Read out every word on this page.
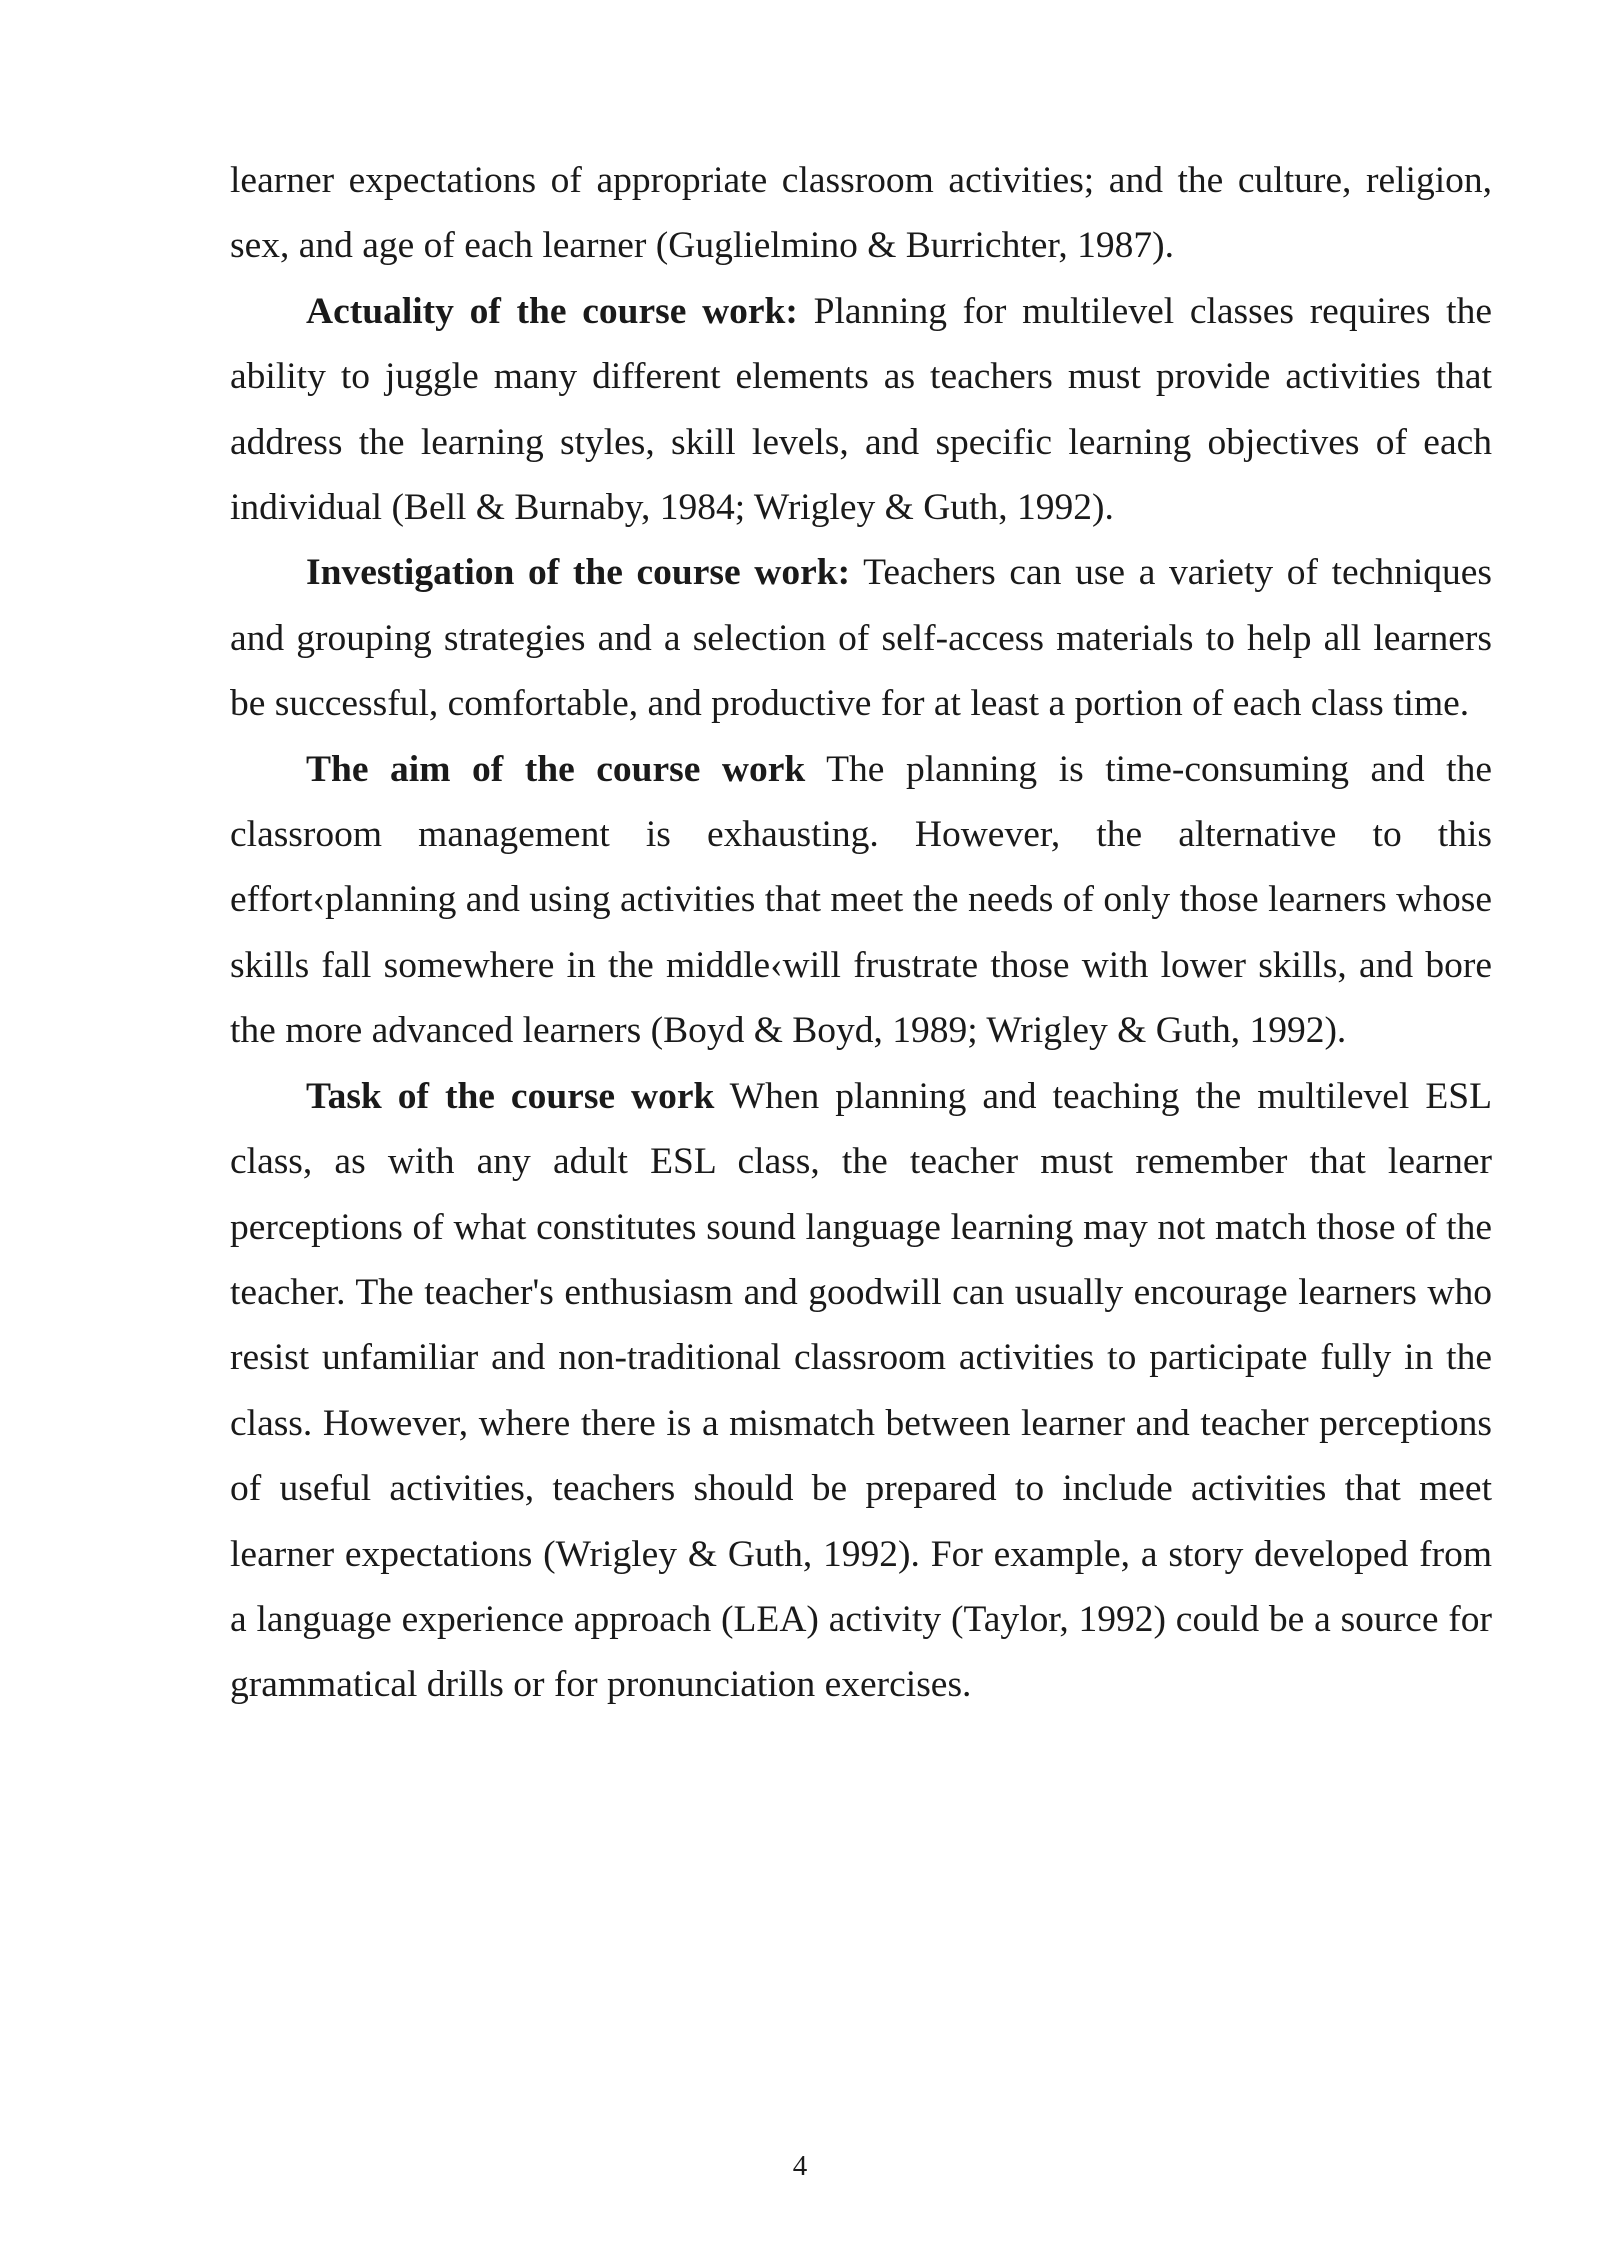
learner expectations of appropriate classroom activities; and the culture, religion, sex, and age of each learner (Guglielmino & Burrichter, 1987).

Actuality of the course work: Planning for multilevel classes requires the ability to juggle many different elements as teachers must provide activities that address the learning styles, skill levels, and specific learning objectives of each individual (Bell & Burnaby, 1984; Wrigley & Guth, 1992).

Investigation of the course work: Teachers can use a variety of techniques and grouping strategies and a selection of self-access materials to help all learners be successful, comfortable, and productive for at least a portion of each class time.

The aim of the course work The planning is time-consuming and the classroom management is exhausting. However, the alternative to this effort‹planning and using activities that meet the needs of only those learners whose skills fall somewhere in the middle‹will frustrate those with lower skills, and bore the more advanced learners (Boyd & Boyd, 1989; Wrigley & Guth, 1992).

Task of the course work When planning and teaching the multilevel ESL class, as with any adult ESL class, the teacher must remember that learner perceptions of what constitutes sound language learning may not match those of the teacher. The teacher's enthusiasm and goodwill can usually encourage learners who resist unfamiliar and non-traditional classroom activities to participate fully in the class. However, where there is a mismatch between learner and teacher perceptions of useful activities, teachers should be prepared to include activities that meet learner expectations (Wrigley & Guth, 1992). For example, a story developed from a language experience approach (LEA) activity (Taylor, 1992) could be a source for grammatical drills or for pronunciation exercises.

4
